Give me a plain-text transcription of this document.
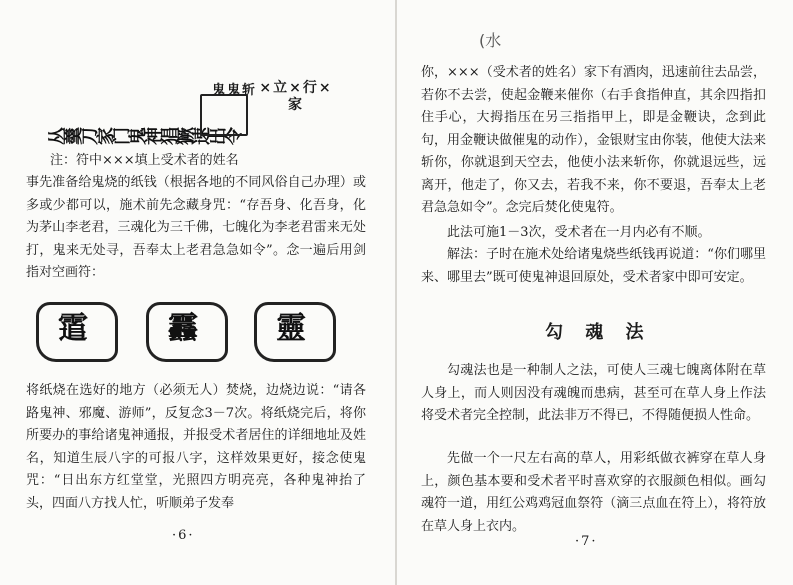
丛羹刀家门鬼神猖獗速出令
鬼鬼斩 ×立×行×家

注：符中×××填上受术者的姓名

事先准备给鬼烧的纸钱（根据各地的不同风俗自己办理）或多或少都可以，施术前先念藏身咒：“存吾身、化吾身，化为茅山李老君，三魂化为三千佛，七魄化为李老君雷来无处打，鬼来无处寻，吾奉太上老君急急如令”。念一遍后用剑指对空画符：

䨨	䨺	靈

将纸烧在选好的地方（必须无人）焚烧，边烧边说：“请各路鬼神、邪魔、游师”，反复念3－7次。将纸烧完后，将你所要办的事给诸鬼神通报，并报受术者居住的详细地址及姓名，知道生辰八字的可报八字，这样效果更好，接念使鬼咒：“日出东方红堂堂，光照四方明亮亮，各种鬼神抬了头，四面八方找人忙，听顺弟子发奉

·6·
(水

你，×××（受术者的姓名）家下有酒肉，迅速前往去品尝，若你不去尝，使起金鞭来催你（右手食指伸直，其余四指扣住手心，大拇指压在另三指指甲上，即是金鞭诀，念到此句，用金鞭诀做催鬼的动作），金银财宝由你装，他使大法来斩你，你就退到天空去，他使小法来斩你，你就退远些，远离开，他走了，你又去，若我不来，你不要退，吾奉太上老君急急如令”。念完后焚化使鬼符。

此法可施1－3次，受术者在一月内必有不顺。

解法：子时在施术处给诸鬼烧些纸钱再说道：“你们哪里来、哪里去”既可使鬼神退回原处，受术者家中即可安定。

勾 魂 法

勾魂法也是一种制人之法，可使人三魂七魄离体附在草人身上，而人则因没有魂魄而患病，甚至可在草人身上作法将受术者完全控制，此法非万不得已，不得随便损人性命。

先做一个一尺左右高的草人，用彩纸做衣裤穿在草人身上，颜色基本要和受术者平时喜欢穿的衣服颜色相似。画勾魂符一道，用红公鸡鸡冠血祭符（滴三点血在符上），将符放在草人身上衣内。

·7·
